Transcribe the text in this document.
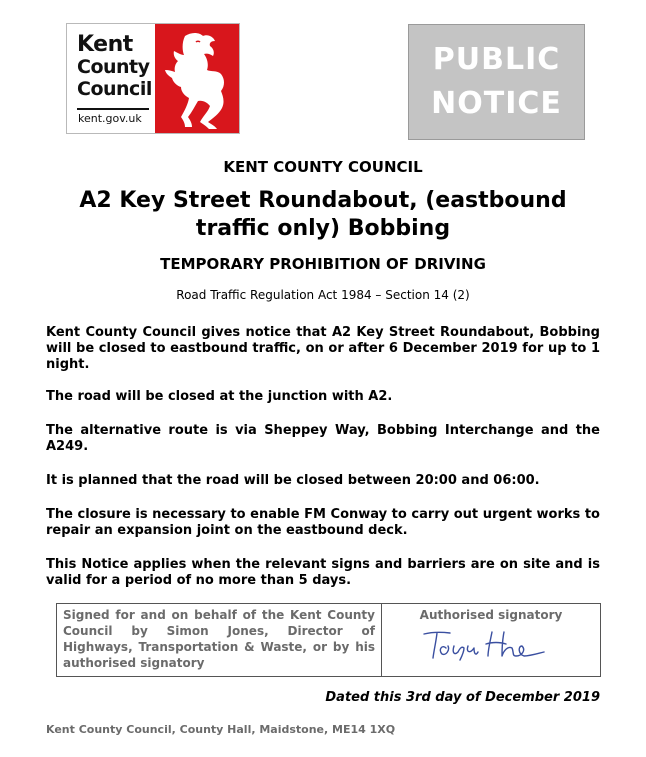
Kent
County
Council
kent.gov.uk
PUBLIC
NOTICE
KENT COUNTY COUNCIL
A2 Key Street Roundabout, (eastbound
traffic only) Bobbing
TEMPORARY PROHIBITION OF DRIVING
Road Traffic Regulation Act 1984 – Section 14 (2)
Kent County Council gives notice that A2 Key Street Roundabout, Bobbing will be closed to eastbound traffic, on or after 6 December 2019 for up to 1 night.
The road will be closed at the junction with A2.
The alternative route is via Sheppey Way, Bobbing Interchange and the A249.
It is planned that the road will be closed between 20:00 and 06:00.
The closure is necessary to enable FM Conway to carry out urgent works to repair an expansion joint on the eastbound deck.
This Notice applies when the relevant signs and barriers are on site and is valid for a period of no more than 5 days.
Signed for and on behalf of the Kent County Council by Simon Jones, Director of Highways, Transportation & Waste, or by his authorised signatory
Authorised signatory
Dated this 3rd day of December 2019
Kent County Council, County Hall, Maidstone, ME14 1XQ
